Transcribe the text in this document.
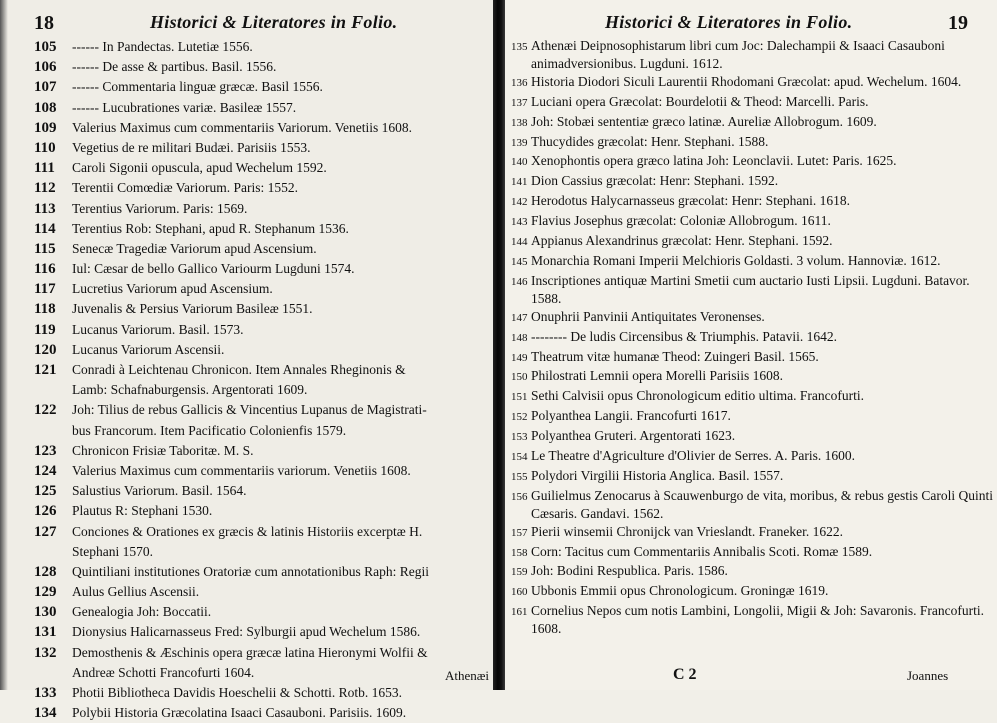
18	Historici & Literatores in Folio.
105	------ In Pandectas. Lutetiæ 1556.
106	------ De asse & partibus. Basil. 1556.
107	------ Commentaria linguæ græcæ. Basil 1556.
108	------ Lucubrationes variæ. Basileæ 1557.
109	Valerius Maximus cum commentariis Variorum. Venetiis 1608.
110	Vegetius de re militari Budæi. Parisiis 1553.
111	Caroli Sigonii opuscula, apud Wechelum 1592.
112	Terentii Comœdiæ Variorum. Paris: 1552.
113	Terentius Variorum. Paris: 1569.
114	Terentius Rob: Stephani, apud R. Stephanum 1536.
115	Senecæ Tragediæ Variorum apud Ascensium.
116	Iul: Cæsar de bello Gallico Variourm Lugduni 1574.
117	Lucretius Variorum apud Ascensium.
118	Juvenalis & Persius Variorum Basileæ 1551.
119	Lucanus Variorum. Basil. 1573.
120	Lucanus Variorum Ascensii.
121	Conradi à Leichtenau Chronicon. Item Annales Rheginonis &
Lamb: Schafnaburgensis. Argentorati 1609.
122	Joh: Tilius de rebus Gallicis & Vincentius Lupanus de Magistrati-
bus Francorum. Item Pacificatio Colonienfis 1579.
123	Chronicon Frisiæ Taboritæ. M. S.
124	Valerius Maximus cum commentariis variorum. Venetiis 1608.
125	Salustius Variorum. Basil. 1564.
126	Plautus R: Stephani 1530.
127	Conciones & Orationes ex græcis & latinis Historiis excerptæ H.
Stephani 1570.
128	Quintiliani institutiones Oratoriæ cum annotationibus Raph: Regii
129	Aulus Gellius Ascensii.
130	Genealogia Joh: Boccatii.
131	Dionysius Halicarnasseus Fred: Sylburgii apud Wechelum 1586.
132	Demosthenis & Æschinis opera græcæ latina Hieronymi Wolfii &
Andreæ Schotti Francofurti 1604.
133	Photii Bibliotheca Davidis Hoeschelii & Schotti. Rotb. 1653.
134	Polybii Historia Græcolatina Isaaci Casauboni. Parisiis. 1609.
Athenæi
Historici & Literatores in Folio.	19
135 Athenæi Deipnosophistarum libri cum Joc: Dalechampii & Isaaci Casauboni animadversionibus. Lugduni. 1612.
136 Historia Diodori Siculi Laurentii Rhodomani Græcolat: apud. Wechelum. 1604.
137 Luciani opera Græcolat: Bourdelotii & Theod: Marcelli. Paris.
138 Joh: Stobæi sententiæ græco latinæ. Aureliæ Allobrogum. 1609.
139 Thucydides græcolat: Henr. Stephani. 1588.
140 Xenophontis opera græco latina Joh: Leonclavii. Lutet: Paris. 1625.
141 Dion Cassius græcolat: Henr: Stephani. 1592.
142 Herodotus Halycarnasseus græcolat: Henr: Stephani. 1618.
143 Flavius Josephus græcolat: Coloniæ Allobrogum. 1611.
144 Appianus Alexandrinus græcolat: Henr. Stephani. 1592.
145 Monarchia Romani Imperii Melchioris Goldasti. 3 volum. Hannoviæ. 1612.
146 Inscriptiones antiquæ Martini Smetii cum auctario Iusti Lipsii. Lugduni. Batavor. 1588.
147 Onuphrii Panvinii Antiquitates Veronenses.
148 -------- De ludis Circensibus & Triumphis. Patavii. 1642.
149 Theatrum vitæ humanæ Theod: Zuingeri Basil. 1565.
150 Philostrati Lemnii opera Morelli Parisiis 1608.
151 Sethi Calvisii opus Chronologicum editio ultima. Francofurti.
152 Polyanthea Langii. Francofurti 1617.
153 Polyanthea Gruteri. Argentorati 1623.
154 Le Theatre d'Agriculture d'Olivier de Serres. A. Paris. 1600.
155 Polydori Virgilii Historia Anglica. Basil. 1557.
156 Guilielmus Zenocarus à Scauwenburgo de vita, moribus, & rebus gestis Caroli Quinti Cæsaris. Gandavi. 1562.
157 Pierii winsemii Chronijck van Vrieslandt. Franeker. 1622.
158 Corn: Tacitus cum Commentariis Annibalis Scoti. Romæ 1589.
159 Joh: Bodini Respublica. Paris. 1586.
160 Ubbonis Emmii opus Chronologicum. Groningæ 1619.
161 Cornelius Nepos cum notis Lambini, Longolii, Migii & Joh: Savaronis. Francofurti. 1608.
C 2	Joannes
